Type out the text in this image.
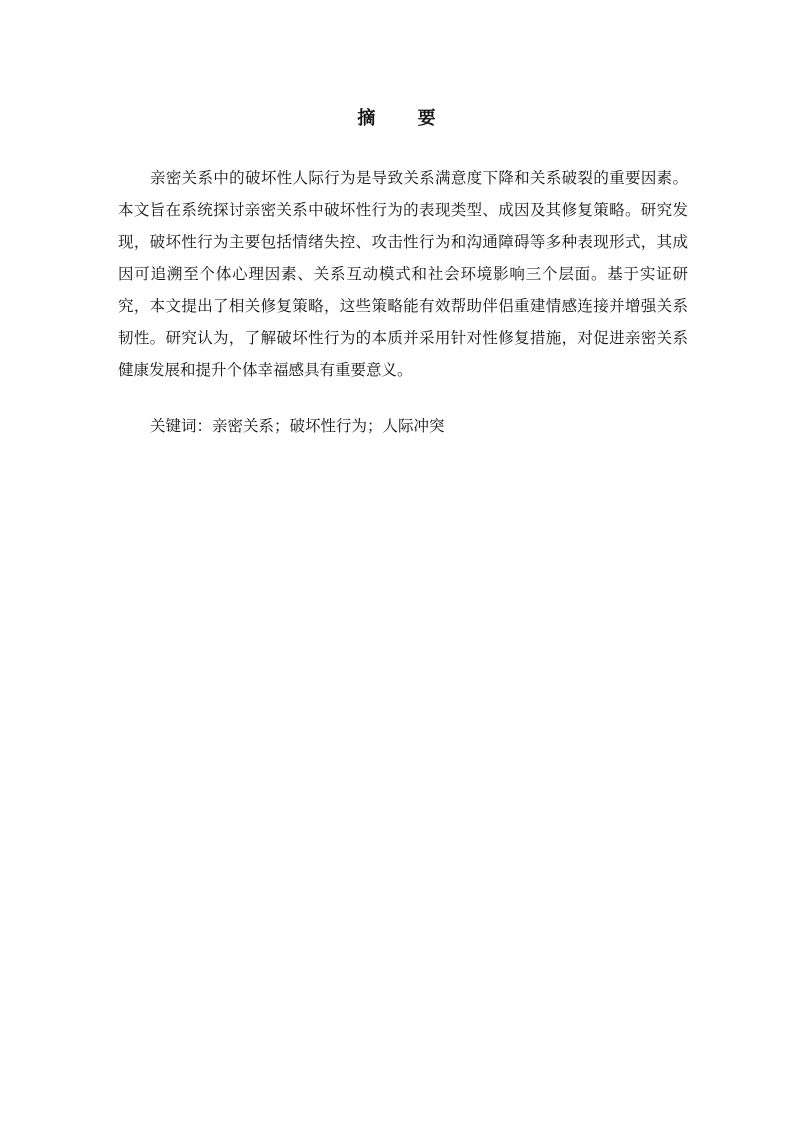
摘 要

亲密关系中的破坏性人际行为是导致关系满意度下降和关系破裂的重要因素。本文旨在系统探讨亲密关系中破坏性行为的表现类型、成因及其修复策略。研究发现，破坏性行为主要包括情绪失控、攻击性行为和沟通障碍等多种表现形式，其成因可追溯至个体心理因素、关系互动模式和社会环境影响三个层面。基于实证研究，本文提出了相关修复策略，这些策略能有效帮助伴侣重建情感连接并增强关系韧性。研究认为，了解破坏性行为的本质并采用针对性修复措施，对促进亲密关系健康发展和提升个体幸福感具有重要意义。

关键词：亲密关系；破坏性行为；人际冲突
